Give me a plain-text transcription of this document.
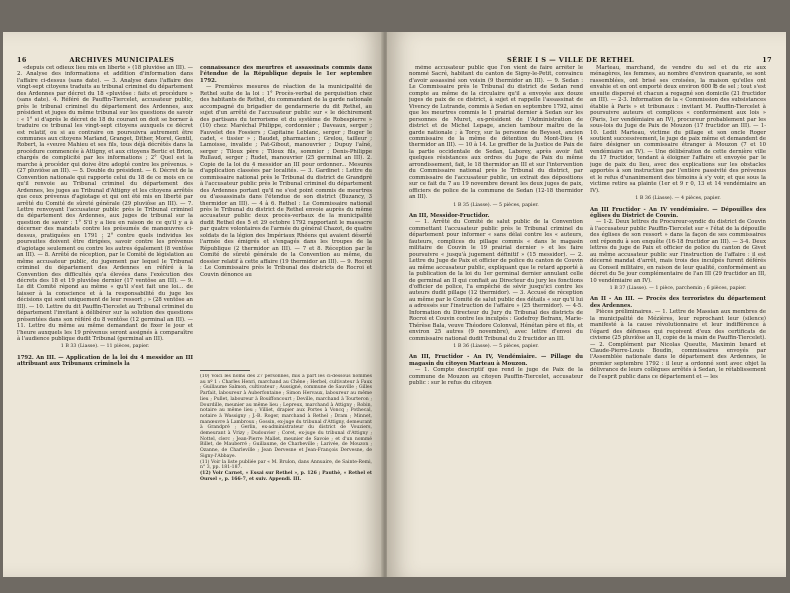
16	ARCHIVES MUNICIPALES

«depuis cet odieux lieu mis en liberté » (18 pluviôse an III). — 2. Analyse des informations et addition d'information dans l'affaire ci-dessus (sans date). — 3. Analyse dans l'affaire des vingt-sept citoyens traduits au tribunal criminel du département des Ardennes par décret du 18 «pluviôse : faits et procédure » (sans date). 4. Référé de Pauffin-Tiercelet, accusateur public, près le tribunal criminel du département des Ardennes, aux président et juges du même tribunal sur les questions de savoir : « 1° si d'après le décret de 18 du courant on doit se borner à traduire ce tribunal les vingt-sept citoyens auxquels ce décret est relatif, ou si au contraire on poursuivra autrement être communes aux citoyens Marland, Granget, Dither, Morel, Gentil, Robert, la «veuve Mahieu et ses fils, tous déjà décrétés dans la procédure commencée à Attigny, et aux citoyens Bertic et Brion, chargés de complicité par les informations ; 2° Quel est la marche à procéder qui doive être adopté contre les prévenus. » (27 pluviôse an III). — 5. Double du président. — 6. Décret de la Convention nationale qui rapporte celui du 18 de ce mois en ce qu'il renvoie au Tribunal criminel du département des Ardennes, les juges au Tribunal d'Attigny et les citoyens arrêtés que ceux prévenus d'agiotage et qui ont été mis en liberté par arrêté du Comité de sûreté générale (29 pluviôse an III). — 7. Lettre renvoyant l'accusateur public près le Tribunal criminel du département des Ardennes, aux juges de tribunal sur la question de savoir : 1° S'il y a lieu en raison de ce qu'il y a à décerner des mandats contre les présumés de manœuvres ci-dessus, pratiquées en 1791 ; 2° contre quels individus les poursuites doivent être dirigées, savoir contre les prévenus d'agiotage seulement ou contre les autres également (8 ventôse an III). — 8. Arrêté de réception, par le Comité de législation au même accusateur public, du jugement par lequel le Tribunal criminel du département des Ardennes en référé à la Convention des difficultés qu'a élevées dans l'exécution des décrets des 18 et 19 pluviôse dernier (17 ventôse an III). — 9. Le dit Comité répond au même « qu'il s'est fait une loi… de laisser à la conscience et à la responsabilité du juge les décisions qui sont uniquement de leur ressort ; » (28 ventôse an III). — 10. Lettre du dit Pauffin-Tiercelet au Tribunal criminel du département l'invitant à délibérer sur la solution des questions présentées dans son référé du 8 ventôse (12 germinal an III). — 11. Lettre du même au même demandant de fixer le jour et l'heure auxquels les 19 prévenus seront assignés à comparaître à l'audience publique dudit Tribunal (germinal an III).

1 B 33 (Liasse). — 11 pièces, papier.

1792. An III. — Application de la loi du 4 messidor an III attribuant aux Tribunaux criminels la

connaissance des meurtres et assassinats commis dans l'étendue de la République depuis le 1er septembre 1792.

— Premières mesures de réaction de la municipalité de Rethel suite de la loi : 1° Procès-verbal de perquisition chez des habitants de Rethel, du commandant de la garde nationale accompagné du brigadier de gendarmerie du dit Rethel, au sujet d'un arrêté de l'accusateur public sur « le déchirement des partisans du terrorisme et du système de Robespierre » (10) chez: Maréchal Philippe, cordonnier ; Daveaux, serger ; Fauvelet des Fossiers ; Capitaine Leblanc, serger ; Buger le cadet, « tissier » ; Baudet, pharmacien ; Grelou, tailleur ; Lamoisse, invalide ; Pat-Gibout, manouvrier ; Dupuy l'aîné, serger ; Tiloux père ; Tiloux fils, sommier ; Denis-Philippe Rullaud, serger ; Rudet, manouvrier (25 germinal an III). 2. Copie de la loi du 4 messidor an III pour ordonner... Mesures d'application classées par localités. — 3. Gardinet : Lettre du commissaire national près le Tribunal du district de Grandpré à l'accusateur public près le Tribunal criminel du département des Ardennes portant qu'il ne s'est point commis de meurtres ou d'assassinats dans l'étendue de son district (Buzancy, 3 thermidor an III). — 4 à 6. Rethel : Le Commissaire national près le Tribunal du district de Rethel envoie auprès du même accusateur public deux procès-verbaux de la municipalité dudit Rethel des 5 et 29 octobre 1792 rapportant le massacre par quatre volontaires de l'armée du général Chazot, de quatre soldats de la légion des Impériaux Rhéens qui avaient déserté l'armée des émigrés et s'engagés dans les troupes de la République (2 thermidor an III). — 7 et 8. Réception par le Comité de sûreté générale de la Convention au même, du dossier relatif à cette affaire (19 thermidor an III). — 9. Rocroi : Le Commissaire près le Tribunal des districts de Rocroi et Couvin dénonce au

(10) Voici les noms des 27 personnes, mis à part les ci-dessous nommés au nº 1 : Charles Henri, marchand au Chêne ; Herbel, cultivateur à Faux ; Guillaume Salmon, cultivateur ; Aussigné, commune de Sauville ; Gilles Parfait, laboureur à Auberfontaine ; Simon Hervaux, laboureur au même lieu ; Pullet, laboureur à Bouiffoncourt ; Deville, marchand à Tourteron ; Dourdille, meunier au même lieu ; Lepreux, marchand à Attigny ; Robin, notaire au même lieu ; Villiet, drapier aux Portes à Voncq ; Pothecal, notaire à Wassigny ; J.-B. Roger, marchand à Rethel ; Dram ; Minnet, manœuvre à Lambroux ; Gossin, ex-juge du tribunal d'Attigny, demeurant à Grandpré ; Gerlin, ex-administrateur du district de Vouziers, demeurant à Vrizy ; Dudouvier ; Coret, ex-juge du tribunal d'Attigny ; Nottel, clerc ; Jean-Pierre Mallet, meunier de Savoie ; et d'un nommé Billet, de Mauberré ; Guillaume, de Charbeville ; Larivée, de Mouzon ; Ozanne, de Charleville ; Jean Dervesne et Jean-François Dervesne, de Signy-l'Abbaye.

(11) Voir la liste publiée par « M. Brulon, dans Annuaire, de Sainte-Remi, n° 3, pp. 181-187.

(12) Voir Carnet, « Essai sur Rethel », p. 126 ; Pauthè, « Rethel et Oursel », p. 166-7, et suiv. Appendi. III.

SÉRIE I S — VILLE DE RETHEL	17

même accusateur public que l'on vient de faire arrêter le nommé Sacré, habitant du canton de Signy-le-Petit, convaincu d'avoir assassiné son voisin (9 thermidor an III). — 9. Sedan : Le Commissaire près le Tribunal du district de Sedan rend compte au même de la circulaire qu'il a envoyée aux douze juges de paix de ce district, à sujet et rappelle l'assassinat de Vivency de Lutrande, commis à Sedan en septembre 1792, ainsi que les meurtres commis le 1 prairial dernier à Sedan sur les personnes de Muret, ex-président de l'Administration de district et de Michel Lepage, ancien tambour maître de la garde nationale ; à Torcy, sur la personne de Beyssot, ancien commissaire de la même de détention du Mont-Dieu (4 thermidor an III). — 10 à 14. Le greffier de la Justice de Paix de la partie occidentale de Sedan, Laborey, après avoir fait quelques résistances aux ordres du Juge de Paix du même arrondissement, fait, le 18 thermidor an III et sur l'intervention du Commissaire national près le Tribunal du district, par commissaire de l'accusateur public, un extrait des dépositions sur ce fait du 7 au 19 novembre devant les deux juges de paix, officiers de police de la commune de Sedan (12-18 thermidor an III).

1 B 35 (Liasse). — 5 pièces, papier.

An III, Messidor-Fructidor.

— 1. Arrêté du Comité de salut public de la Convention commettant l'accusateur public près le Tribunal criminel du département pour informer « sans délai contre les « auteurs, fauteurs, complices du pillage commis « dans le magasin militaire de Couvin le 19 prairial dernier » et les faire poursuivre « jusqu'à jugement définitif » (15 messidor). — 2. Lettre du Juge de Paix et officier de police du canton de Couvin au même accusateur public, expliquant que le retard apporté à la publication de la loi du 1er germinal dernier annulant celle de germinal an II qui confiait au Directeur du jury les fonctions d'officier de police, l'a empêché de sévir jusqu'ici contre les auteurs dudit pillage (12 thermidor). — 3. Accusé de réception au même par le Comité de salut public des détails « sur qu'il lui a adressés sur l'instruction de l'affaire » (25 thermidor). — 4-5. Information du Directeur du Jury du Tribunal des districts de Rocroi et Couvin contre les inculpés : Godefroy Befranx, Marie-Thérèse Bala, veuve Théodore Colonval, Hénétan père et fils, et environ 25 autres (9 novembre), avec lettre d'envoi du commissaire national dudit Tribunal du 2 fructidor an III.

1 B 36 (Liasse). — 5 pièces, papier.

An III, Fructidor - An IV, Vendémiaire. — Pillage du magasin du citoyen Marteau à Mouzon.

— 1. Compte descriptif que rend le juge de Paix de la commune de Mouzon au citoyen Pauffin-Tiercelet, accusateur public : sur le refus du citoyen

Marteau, marchand, de vendre du sel et du riz aux ménagères, les femmes, au nombre d'environ quarante, se sont rassemblées, ont brisé ses croisées, la maison qu'elles ont envahie et en ont emporté deux environ 600 ℔ de sel ; tout s'est ensuite dispersé et chacun a regagné son domicile (21 fructidor an III). — 2-3. Information de la « Commission des subsistances établie à Paris » et tribunaux : invitant M. Pauffin-Tiercelet à poursuivre auteurs et complices « conformément aux lois » (Paris, 1er vendémiaire an IV), procureur probablement par les sous-lois du Juge de Paix de Mouzon (17 fructidor an III). — 1-10. Ledit Marteau, victime du pillage et son oncle Roger soutient successivement, le juge de paix même et demandent de faire désigner un commissaire étranger à Mouzon (7 et 10 vendémiaire an IV). — Une délibération de cette dernière ville du 17 fructidor, tendant à éloigner l'affaire et envoyée par le juge de paix du lieu, avec des explications sur les obstacles apportés à son instruction par l'entière passivité des prévenus et le refus d'unanimement des témoins à s'y voir, et que sous la victime retire sa plainte (1er et 9 r 0, 13 et 14 vendémiaire an IV).

1 B 36 (Liasse). — 4 pièces, papier.

An III Fructidor - An IV vendémiaire. — Dépouilles des églises du District de Couvin.

— 1-2. Deux lettres du Procureur-syndic du district de Couvin à l'accusateur public Pauffin-Tiercelet sur « l'état de la dépouille des églises de son ressort » dans la façon de ses commissaires ont répondu à son enquête (16-18 fructidor an III). — 3-4. Deux lettres du juge de Paix et officier de police du canton de Givet au même accusateur public sur l'instruction de l'affaire : il est décerné mandat d'arrêt, mais trois des inculpés furent déférés au Conseil militaire, en raison de leur qualité, conformément au décret du 5e jour complémentaire de l'an III (29 fructidor an III, 10 vendémiaire an IV).

1 B 37 (Liasse). — 1 pièce, parchemin ; 6 pièces, papier.

An II - An III. — Procès des terroristes du département des Ardennes.

Pièces préliminaires. — 1. Lettre de Massian aux membres de la municipalité de Mézières, leur reprochant leur (silence) manifesté à la cause révolutionnaire et leur indifférence à l'égard des défenses qui reçoivent d'eux des certificats de civisme (25 pluviôse an II, copie de la main de Pauffin-Tiercelet). — 2. Complément par Nicolas Queutte, Maximin Isnard et Claude-Pierre-Louis Boudin, commissaires envoyés par l'Assemblée nationale dans le département des Ardennes, le premier septembre 1792 : il leur a ordonné sont avec objet la délivrance de leurs collègues arrêtés à Sedan, le rétablissement de l'esprit public dans ce département et — les
